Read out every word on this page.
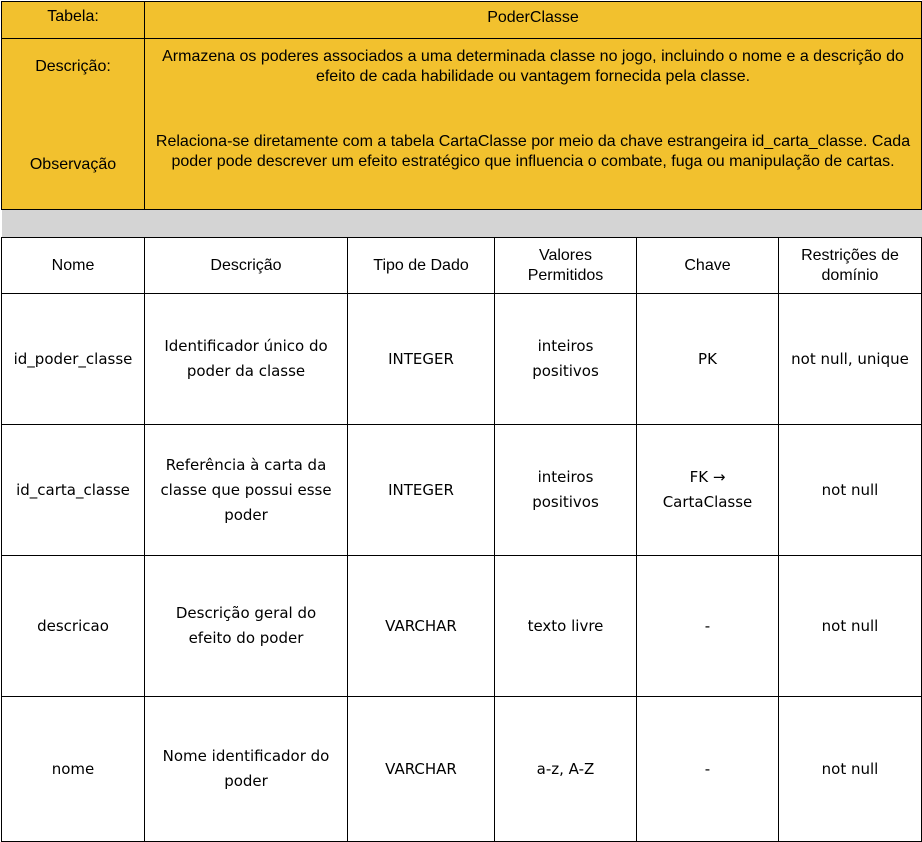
Tabela:	PoderClasse				
Descrição:	Armazena os poderes associados a uma determinada classe no jogo, incluindo o nome e a descrição do efeito de cada habilidade ou vantagem fornecida pela classe.				
Observação	Relaciona-se diretamente com a tabela CartaClasse por meio da chave estrangeira id_carta_classe. Cada poder pode descrever um efeito estratégico que influencia o combate, fuga ou manipulação de cartas.				

Nome	Descrição	Tipo de Dado	Valores Permitidos	Chave	Restrições de domínio
id_poder_classe	Identificador único do poder da classe	INTEGER	inteiros positivos	PK	not null, unique
id_carta_classe	Referência à carta da classe que possui esse poder	INTEGER	inteiros positivos	FK → CartaClasse	not null
descricao	Descrição geral do efeito do poder	VARCHAR	texto livre	-	not null
nome	Nome identificador do poder	VARCHAR	a-z, A-Z	-	not null
